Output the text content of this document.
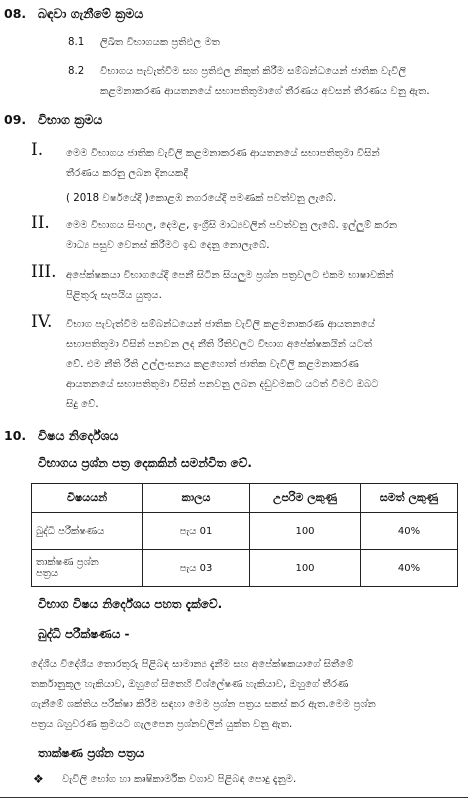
08. බඳවා ගැනීමේ ක්‍රමය
8.1 ලිඛිත විභාගයක ප්‍රතිඵල මත
8.2 විභාගය පැවැත්වීම සහ ප්‍රතිඵල නිකුත් කිරීම සම්බන්ධයෙන් ජාතික වැවිලි
කළමනාකරණ ආයතනයේ සභාපතිතුමාගේ තීරණය අවසන් තීරණය වනු ඇත.
09. විභාග ක්‍රමය
I. මෙම විභාගය ජාතික වැවිලි කළමනාකරණ ආයතනයේ සභාපතිතුමා විසින්
තීරණය කරනු ලබන දිනයකදී
( 2018 වර්ෂයේදී )කොළඹ නගරයේදී පමණක් පවත්වනු ලැබේ.
II. මෙම විභාගය සිංහල, දෙමළ, ඉංග්‍රීසි මාධ්‍යවලින් පවත්වනු ලැබේ. ඉල්ලුම් කරන
මාධ්‍ය පසුව වෙනස් කිරීමට ඉඩ දෙනු නොලැබේ.
III. අපේක්ෂකයා විභාගයේදී පෙනී සිටින සියලුම ප්‍රශ්න පත්‍රවලට එකම භාෂාවකින්
පිළිතුරු සැපයිය යුතුය.
IV. විභාග පැවැත්වීම සම්බන්ධයෙන් ජාතික වැවිලි කළමනාකරණ ආයතනයේ
සභාපතිතුමා විසින් පනවන ලද නීති රීතිවලට විභාග අපේක්ෂකයින් යටත්
වේ. එම නීති රීති උල්ලංඝනය කළහොත් ජාතික වැවිලි කළමනාකරණ
ආයතනයේ සභාපතිතුමා විසින් පනවනු ලබන දඩුවමකට යටත් වීමට ඔබට
සිදු වේ.
10. විෂය නිර්දේශය
විභාගය ප්‍රශ්න පත්‍ර දෙකකින් සමන්විත වේ.
විෂයයන්	කාලය	උපරිම ලකුණු	සමත් ලකුණු
බුද්ධි පරීක්ෂණය	පැය 01	100	40%
තාක්ෂණ ප්‍රශ්න
පත්‍රය	පැය 03	100	40%
විභාග විෂය නිර්දේශය පහත දැක්වේ.
බුද්ධි පරීක්ෂණය -
දේශීය විදේශීය තොරතුරු පිළිබඳ සාමාන්‍ය දැනීම සහ අපේක්ෂකයාගේ සිතීමේ
තර්කානුකූල හැකියාව, ඔහුගේ සිතෙහි විශ්ලේෂණ හැකියාව, ඔහුගේ තීරණ
ගැනීමේ ශක්තිය පරීක්ෂා කිරීම සඳහා මෙම ප්‍රශ්න පත්‍රය සකස් කර ඇත.මෙම ප්‍රශ්න
පත්‍රය බහුවරණ ක්‍රමයට ගැලපෙන ප්‍රශ්නවලින් යුක්ත වනු ඇත.
තාක්ෂණ ප්‍රශ්න පත්‍රය
❖ වැවිලි භෝග හා කෘෂිකාර්මික වගාව පිළිබඳ පොදු දැනුම.
